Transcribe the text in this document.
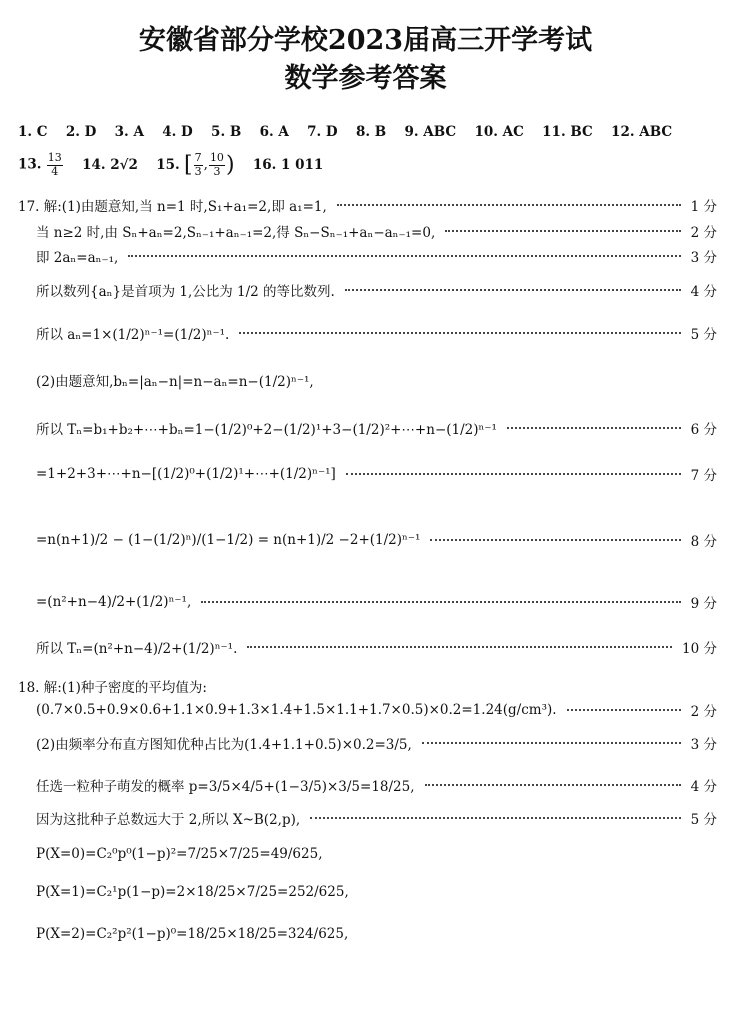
安徽省部分学校2023届高三开学考试
数学参考答案
1. C 2. D 3. A 4. D 5. B 6. A 7. D 8. B 9. ABC 10. AC 11. BC 12. ABC
13. $\frac{13}{4} 14$. 2√2 15. [ $\frac{7}{3}$ , $\frac{10}{3}$ ) 16. 1 011
17. 解:(1)由题意知,当 n=1 时,S₁+a₁=2,即 a₁=1,	1 分
当 n≥2 时,由 Sₙ+aₙ=2,Sₙ₋₁+aₙ₋₁=2,得 Sₙ−Sₙ₋₁+aₙ−aₙ₋₁=0,	2 分
即 2aₙ=aₙ₋₁,	3 分
所以数列{aₙ}是首项为 1,公比为 1/2 的等比数列.	4 分
所以 aₙ=1×(1/2)ⁿ⁻¹=(1/2)ⁿ⁻¹.	5 分
(2)由题意知,bₙ=|aₙ−n|=n−aₙ=n−(1/2)ⁿ⁻¹,
所以 Tₙ=b₁+b₂+⋯+bₙ=1−(1/2)⁰+2−(1/2)¹+3−(1/2)²+⋯+n−(1/2)ⁿ⁻¹	6 分
=1+2+3+⋯+n−[(1/2)⁰+(1/2)¹+⋯+(1/2)ⁿ⁻¹]	7 分
=n(n+1)/2 − (1−(1/2)ⁿ)/(1−1/2) = n(n+1)/2 −2+(1/2)ⁿ⁻¹	8 分
=(n²+n−4)/2+(1/2)ⁿ⁻¹,	9 分
所以 Tₙ=(n²+n−4)/2+(1/2)ⁿ⁻¹.	10 分
18. 解:(1)种子密度的平均值为:
(0.7×0.5+0.9×0.6+1.1×0.9+1.3×1.4+1.5×1.1+1.7×0.5)×0.2=1.24(g/cm³).	2 分
(2)由频率分布直方图知优种占比为(1.4+1.1+0.5)×0.2=3/5,	3 分
任选一粒种子萌发的概率 p=3/5×4/5+(1−3/5)×3/5=18/25,	4 分
因为这批种子总数远大于 2,所以 X~B(2,p),	5 分
P(X=0)=C₂⁰p⁰(1−p)²=7/25×7/25=49/625,
P(X=1)=C₂¹p(1−p)=2×18/25×7/25=252/625,
P(X=2)=C₂²p²(1−p)⁰=18/25×18/25=324/625,
